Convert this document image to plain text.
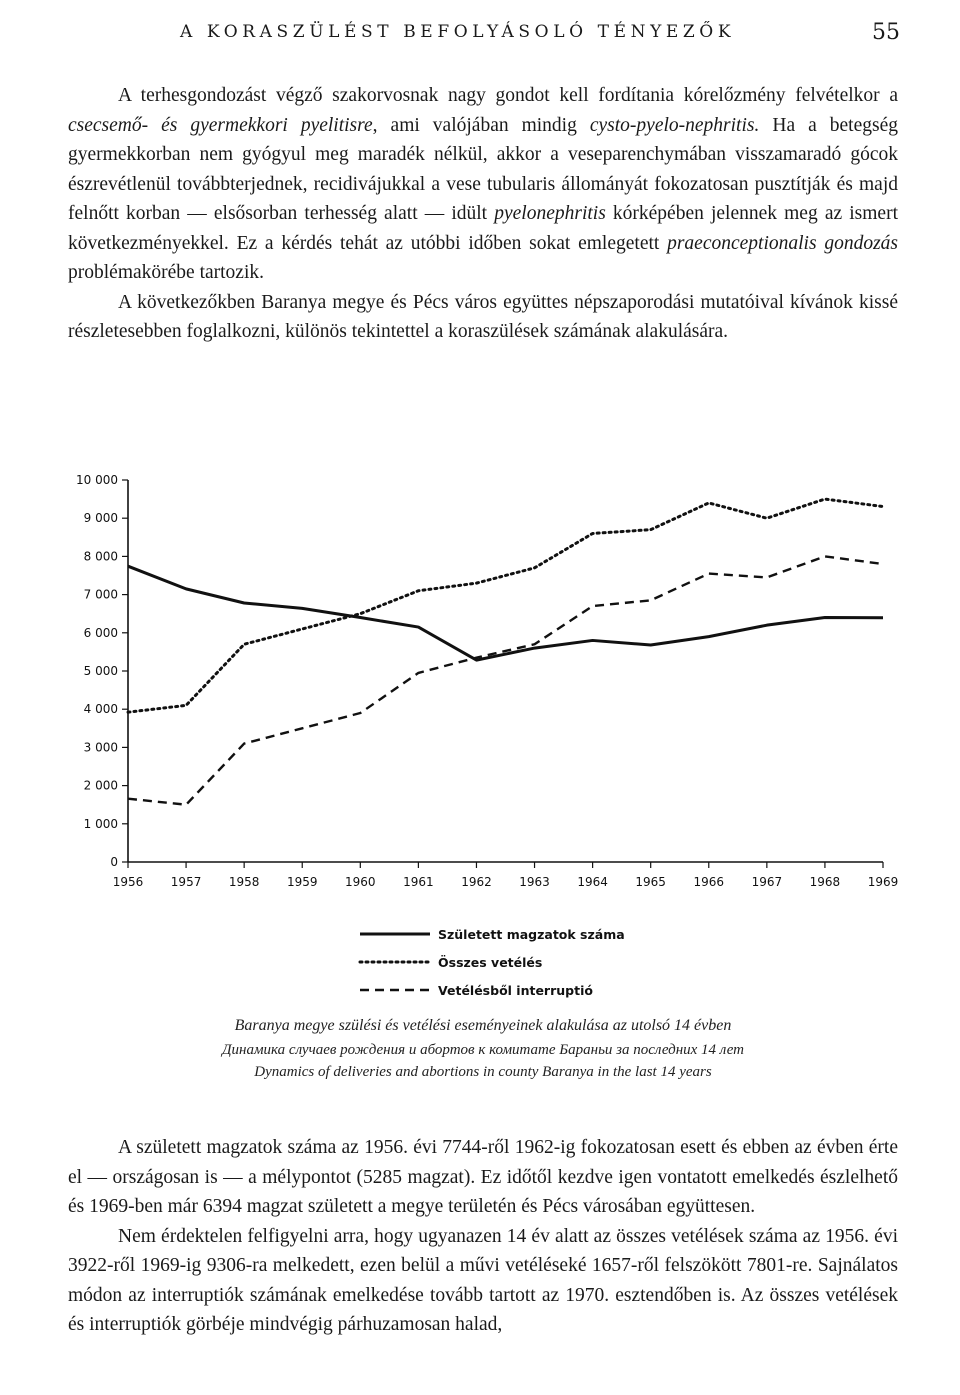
A KORASZÜLÉST BEFOLYÁSOLÓ TÉNYEZŐK	55

A terhesgondozást végző szakorvosnak nagy gondot kell fordítania kórelőzmény felvételkor a csecsemő- és gyermekkori pyelitisre, ami valójában mindig cysto-pyelo-nephritis. Ha a betegség gyermekkorban nem gyógyul meg maradék nélkül, akkor a veseparenchymában visszamaradó gócok észrevétlenül továbbterjednek, recidivájukkal a vese tubularis állományát fokozatosan pusztítják és majd felnőtt korban — elsősorban terhesség alatt — idült pyelonephritis kórképében jelennek meg az ismert következményekkel. Ez a kérdés tehát az utóbbi időben sokat emlegetett praeconceptionalis gondozás problémakörébe tartozik.

A következőkben Baranya megye és Pécs város együttes népszaporodási mutatóival kívánok kissé részletesebben foglalkozni, különös tekintettel a koraszülések számának alakulására.

0
1 000
2 000
3 000
4 000
5 000
6 000
7 000
8 000
9 000
10 000
1956 1957 1958 1959 1960 1961 1962 1963 1964 1965 1966 1967 1968 1969
Született magzatok száma
Összes vetélés
Vetélésből interruptió
Baranya megye szülési és vetélési eseményeinek alakulása az utolsó 14 évben
Динамика случаев рождения и абортов к комитате Бараньи за последних 14 лет
Dynamics of deliveries and abortions in county Baranya in the last 14 years

A született magzatok száma az 1956. évi 7744-ről 1962-ig fokozatosan esett és ebben az évben érte el — országosan is — a mélypontot (5285 magzat). Ez időtől kezdve igen vontatott emelkedés észlelhető és 1969-ben már 6394 magzat született a megye területén és Pécs városában együttesen.

Nem érdektelen felfigyelni arra, hogy ugyanazen 14 év alatt az összes vetélések száma az 1956. évi 3922-ről 1969-ig 9306-ra melkedett, ezen belül a művi vetéléseké 1657-ről felszökött 7801-re. Sajnálatos módon az interruptiók számának emelkedése tovább tartott az 1970. esztendőben is. Az összes vetélések és interruptiók görbéje mindvégig párhuzamosan halad,
